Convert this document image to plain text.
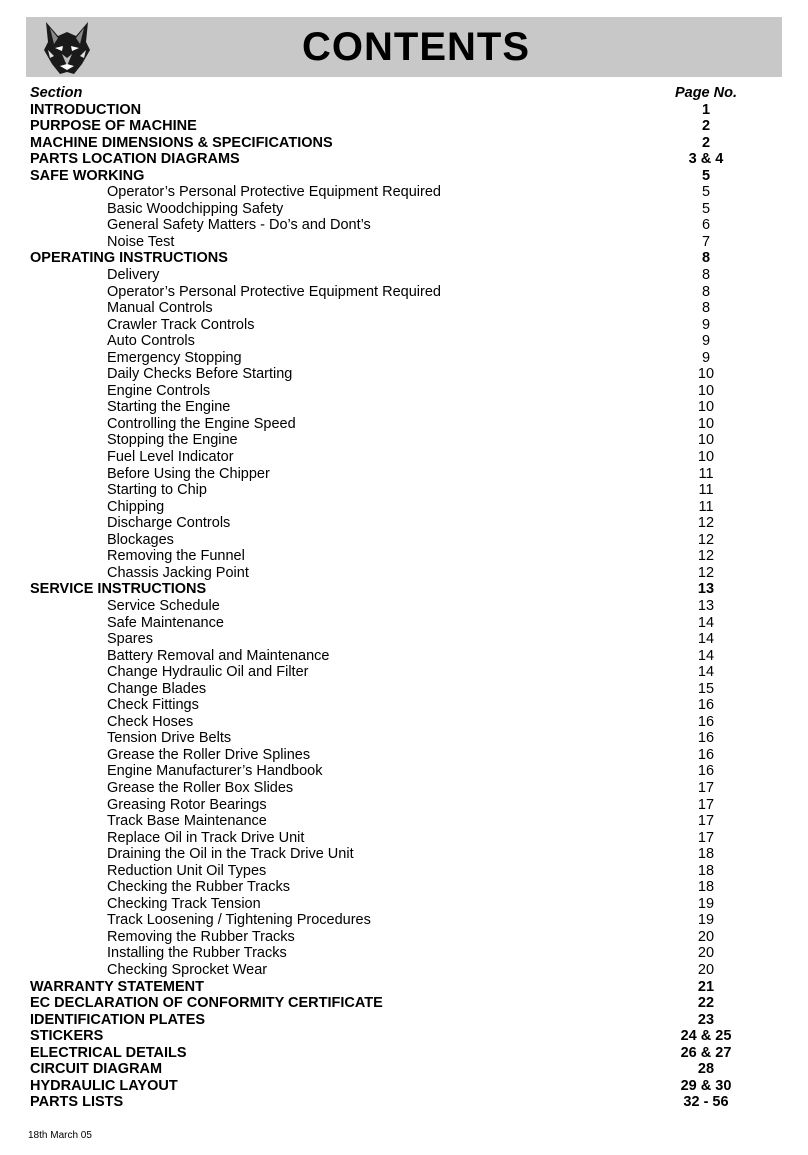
CONTENTS
Section	Page No.
INTRODUCTION	1
PURPOSE OF MACHINE	2
MACHINE DIMENSIONS & SPECIFICATIONS	2
PARTS LOCATION DIAGRAMS	3 & 4
SAFE WORKING	5
Operator’s Personal Protective Equipment Required	5
Basic Woodchipping Safety	5
General Safety Matters - Do’s and Dont’s	6
Noise Test	7
OPERATING INSTRUCTIONS	8
Delivery	8
Operator’s Personal Protective Equipment Required	8
Manual Controls	8
Crawler Track Controls	9
Auto Controls	9
Emergency Stopping	9
Daily Checks Before Starting	10
Engine Controls	10
Starting the Engine	10
Controlling the Engine Speed	10
Stopping the Engine	10
Fuel Level Indicator	10
Before Using the Chipper	11
Starting to Chip	11
Chipping	11
Discharge Controls	12
Blockages	12
Removing the Funnel	12
Chassis Jacking Point	12
SERVICE INSTRUCTIONS	13
Service Schedule	13
Safe Maintenance	14
Spares	14
Battery Removal and Maintenance	14
Change Hydraulic Oil and Filter	14
Change Blades	15
Check Fittings	16
Check Hoses	16
Tension Drive Belts	16
Grease the Roller Drive Splines	16
Engine Manufacturer’s Handbook	16
Grease the Roller Box Slides	17
Greasing Rotor Bearings	17
Track Base Maintenance	17
Replace Oil in Track Drive Unit	17
Draining the Oil in the Track Drive Unit	18
Reduction Unit Oil Types	18
Checking the Rubber Tracks	18
Checking Track Tension	19
Track Loosening / Tightening Procedures	19
Removing the Rubber Tracks	20
Installing the Rubber Tracks	20
Checking Sprocket Wear	20
WARRANTY STATEMENT	21
EC DECLARATION OF CONFORMITY CERTIFICATE	22
IDENTIFICATION PLATES	23
STICKERS	24 & 25
ELECTRICAL DETAILS	26 & 27
CIRCUIT DIAGRAM	28
HYDRAULIC LAYOUT	29 & 30
PARTS LISTS	32 - 56
18th March 05
